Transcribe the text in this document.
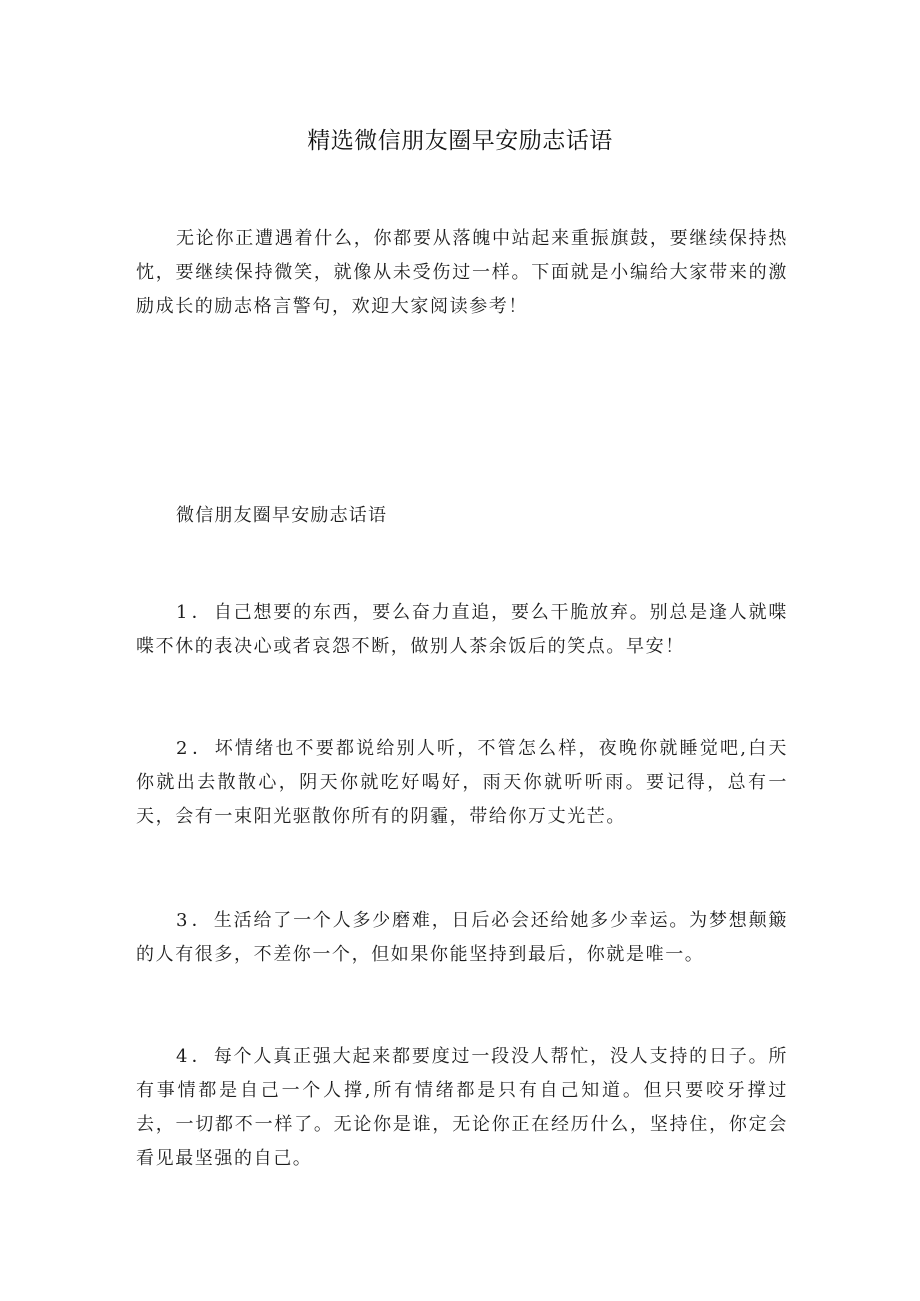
精选微信朋友圈早安励志话语

无论你正遭遇着什么，你都要从落魄中站起来重振旗鼓，要继续保持热忱，要继续保持微笑，就像从未受伤过一样。下面就是小编给大家带来的激励成长的励志格言警句，欢迎大家阅读参考！

微信朋友圈早安励志话语

1．自己想要的东西，要么奋力直追，要么干脆放弃。别总是逢人就喋喋不休的表决心或者哀怨不断，做别人茶余饭后的笑点。早安！

2．坏情绪也不要都说给别人听，不管怎么样，夜晚你就睡觉吧,白天你就出去散散心，阴天你就吃好喝好，雨天你就听听雨。要记得，总有一天，会有一束阳光驱散你所有的阴霾，带给你万丈光芒。

3．生活给了一个人多少磨难，日后必会还给她多少幸运。为梦想颠簸的人有很多，不差你一个，但如果你能坚持到最后，你就是唯一。

4．每个人真正强大起来都要度过一段没人帮忙，没人支持的日子。所有事情都是自己一个人撑,所有情绪都是只有自己知道。但只要咬牙撑过去，一切都不一样了。无论你是谁，无论你正在经历什么，坚持住，你定会看见最坚强的自己。
